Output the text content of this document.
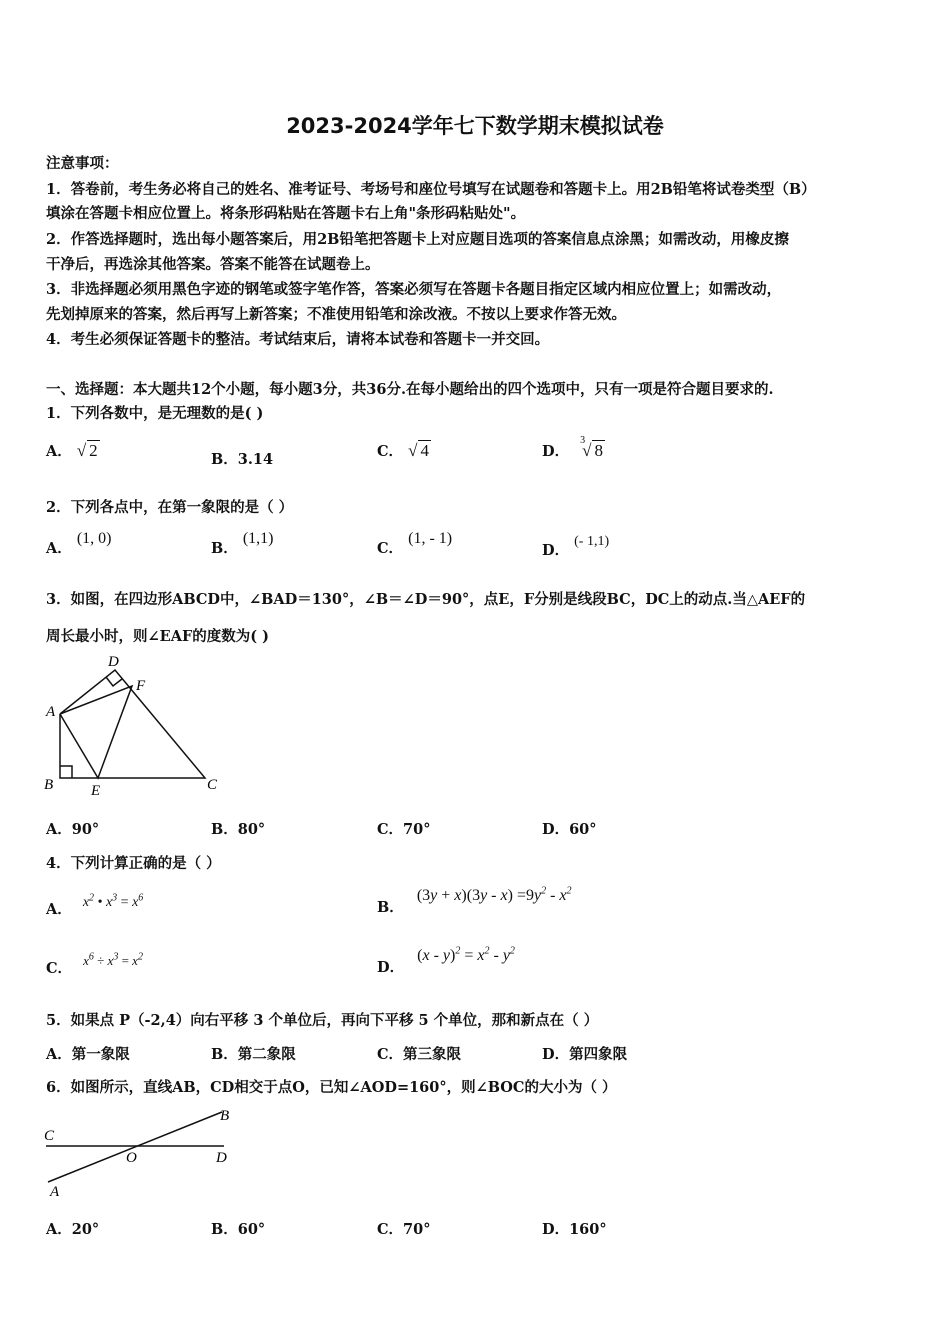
2023-2024学年七下数学期末模拟试卷
注意事项：
1．答卷前，考生务必将自己的姓名、准考证号、考场号和座位号填写在试题卷和答题卡上。用2B铅笔将试卷类型（B）
填涂在答题卡相应位置上。将条形码粘贴在答题卡右上角"条形码粘贴处"。
2．作答选择题时，选出每小题答案后，用2B铅笔把答题卡上对应题目选项的答案信息点涂黑；如需改动，用橡皮擦
干净后，再选涂其他答案。答案不能答在试题卷上。
3．非选择题必须用黑色字迹的钢笔或签字笔作答，答案必须写在答题卡各题目指定区域内相应位置上；如需改动，
先划掉原来的答案，然后再写上新答案；不准使用铅笔和涂改液。不按以上要求作答无效。
4．考生必须保证答题卡的整洁。考试结束后，请将本试卷和答题卡一并交回。
一、选择题：本大题共12个小题，每小题3分，共36分.在每小题给出的四个选项中，只有一项是符合题目要求的.
1．下列各数中，是无理数的是( )
A． √ 2	B．3.14	C． √ 4	D．
3
√ 8
2．下列各点中，在第一象限的是（ ）
A． (1, 0)
B． (1,1)
C． (1, - 1)
D． (- 1,1)
3．如图，在四边形ABCD中，∠BAD＝130°，∠B＝∠D＝90°，点E，F分别是线段BC，DC上的动点.当△AEF的
周长最小时，则∠EAF的度数为( )
A
B	C
D
E
F
A．90°	B．80°	C．70°	D．60°
4．下列计算正确的是（ ）
A． $x^2$ • $x^3 = x^6$
B． $(3y + x)(3y - x) =9y^2 - x^2$
C． $x^6 \div x^3 = x^2$
D． $(x - y)^2 = x^2 - y^2$
5．如果点 P（-2,4）向右平移 3 个单位后，再向下平移 5 个单位，那和新点在（ ）
A．第一象限	B．第二象限	C．第三象限	D．第四象限
6．如图所示，直线AB，CD相交于点O，已知∠AOD=160°，则∠BOC的大小为（ ）
C
D
B
A
O
A．20°	B．60°	C．70°	D．160°
